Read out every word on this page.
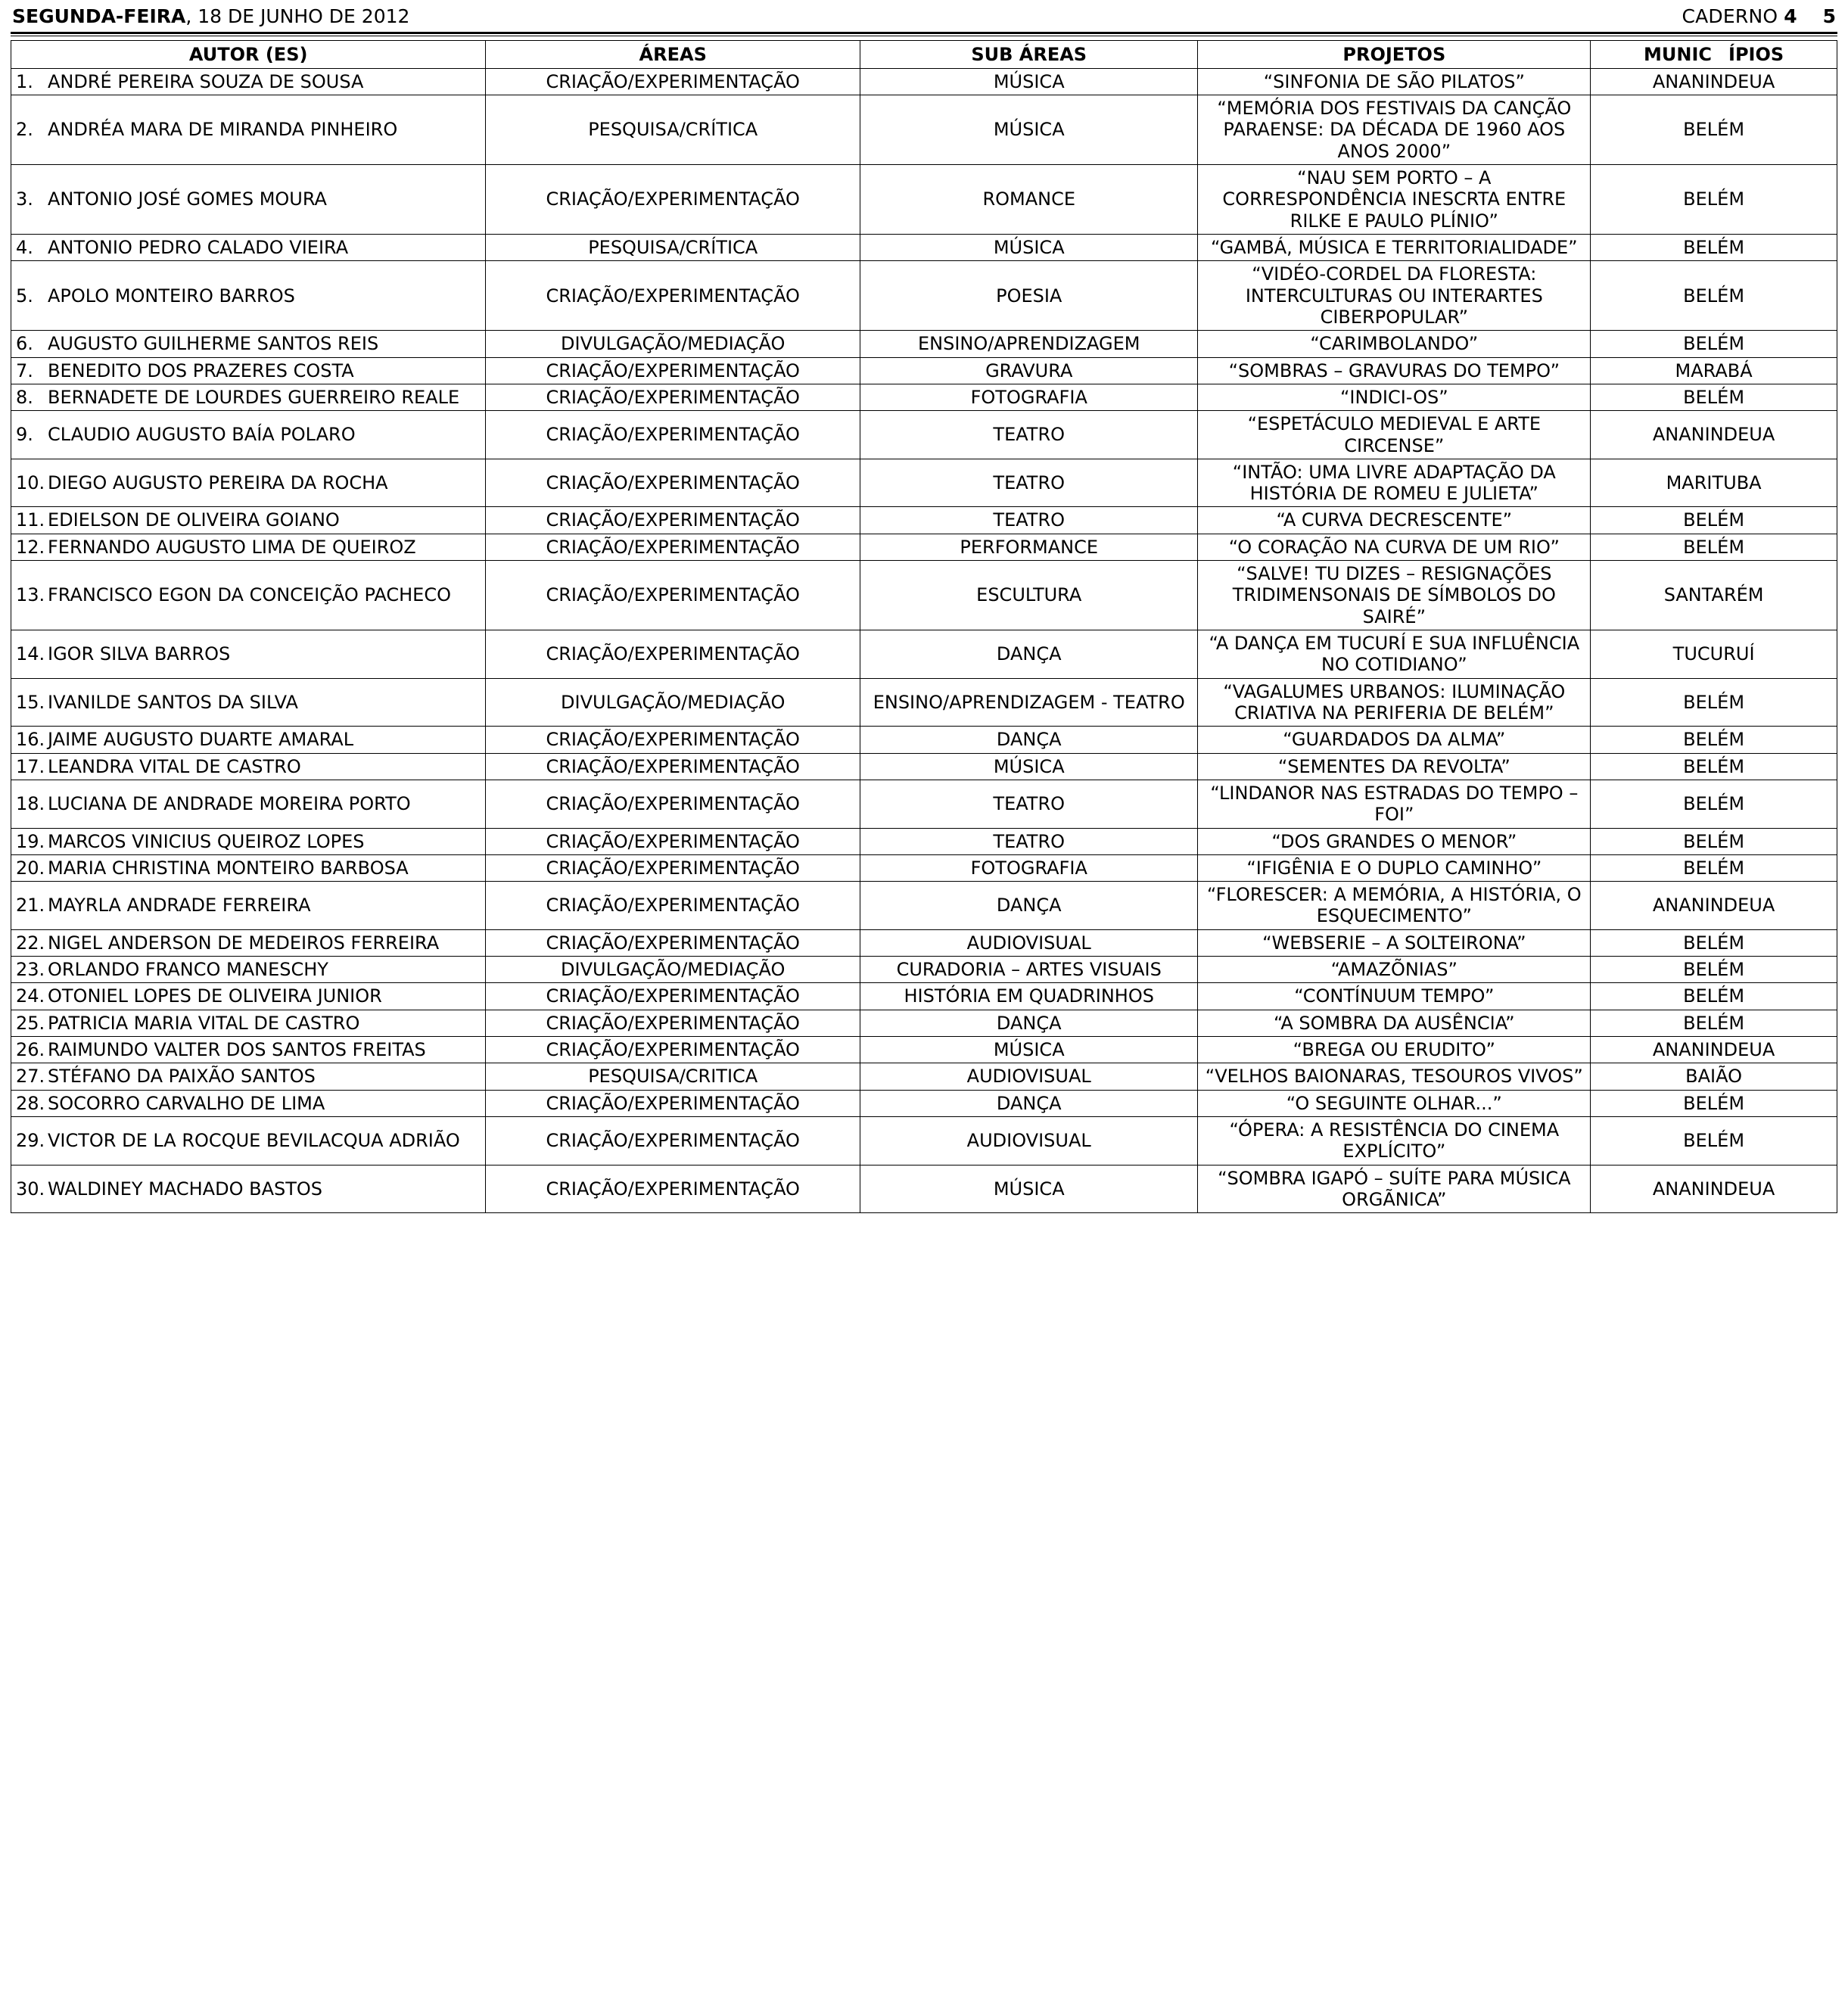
SEGUNDA-FEIRA, 18 DE JUNHO DE 2012	CADERNO 4 5
AUTOR (ES)	ÁREAS	SUB ÁREAS	PROJETOS	MUNIC ÍPIOS
1. ANDRÉ PEREIRA SOUZA DE SOUSA	CRIAÇÃO/EXPERIMENTAÇÃO	MÚSICA	“SINFONIA DE SÃO PILATOS”	ANANINDEUA
2. ANDRÉA MARA DE MIRANDA PINHEIRO	PESQUISA/CRÍTICA	MÚSICA	“MEMÓRIA DOS FESTIVAIS DA CANÇÃO PARAENSE: DA DÉCADA DE 1960 AOS ANOS 2000”	BELÉM
3. ANTONIO JOSÉ GOMES MOURA	CRIAÇÃO/EXPERIMENTAÇÃO	ROMANCE	“NAU SEM PORTO – A CORRESPONDÊNCIA INESCRTA ENTRE RILKE E PAULO PLÍNIO”	BELÉM
4. ANTONIO PEDRO CALADO VIEIRA	PESQUISA/CRÍTICA	MÚSICA	“GAMBÁ, MÚSICA E TERRITORIALIDADE”	BELÉM
5. APOLO MONTEIRO BARROS	CRIAÇÃO/EXPERIMENTAÇÃO	POESIA	“VIDÉO-CORDEL DA FLORESTA: INTERCULTURAS OU INTERARTES CIBERPOPULAR”	BELÉM
6. AUGUSTO GUILHERME SANTOS REIS	DIVULGAÇÃO/MEDIAÇÃO	ENSINO/APRENDIZAGEM	“CARIMBOLANDO”	BELÉM
7. BENEDITO DOS PRAZERES COSTA	CRIAÇÃO/EXPERIMENTAÇÃO	GRAVURA	“SOMBRAS – GRAVURAS DO TEMPO”	MARABÁ
8. BERNADETE DE LOURDES GUERREIRO REALE	CRIAÇÃO/EXPERIMENTAÇÃO	FOTOGRAFIA	“INDICI-OS”	BELÉM
9. CLAUDIO AUGUSTO BAÍA POLARO	CRIAÇÃO/EXPERIMENTAÇÃO	TEATRO	“ESPETÁCULO MEDIEVAL E ARTE CIRCENSE”	ANANINDEUA
10. DIEGO AUGUSTO PEREIRA DA ROCHA	CRIAÇÃO/EXPERIMENTAÇÃO	TEATRO	“INTÃO: UMA LIVRE ADAPTAÇÃO DA HISTÓRIA DE ROMEU E JULIETA”	MARITUBA
11. EDIELSON DE OLIVEIRA GOIANO	CRIAÇÃO/EXPERIMENTAÇÃO	TEATRO	“A CURVA DECRESCENTE”	BELÉM
12. FERNANDO AUGUSTO LIMA DE QUEIROZ	CRIAÇÃO/EXPERIMENTAÇÃO	PERFORMANCE	“O CORAÇÃO NA CURVA DE UM RIO”	BELÉM
13. FRANCISCO EGON DA CONCEIÇÃO PACHECO	CRIAÇÃO/EXPERIMENTAÇÃO	ESCULTURA	“SALVE! TU DIZES – RESIGNAÇÕES TRIDIMENSONAIS DE SÍMBOLOS DO SAIRÉ”	SANTARÉM
14. IGOR SILVA BARROS	CRIAÇÃO/EXPERIMENTAÇÃO	DANÇA	“A DANÇA EM TUCURÍ E SUA INFLUÊNCIA NO COTIDIANO”	TUCURUÍ
15. IVANILDE SANTOS DA SILVA	DIVULGAÇÃO/MEDIAÇÃO	ENSINO/APRENDIZAGEM - TEATRO	“VAGALUMES URBANOS: ILUMINAÇÃO CRIATIVA NA PERIFERIA DE BELÉM”	BELÉM
16. JAIME AUGUSTO DUARTE AMARAL	CRIAÇÃO/EXPERIMENTAÇÃO	DANÇA	“GUARDADOS DA ALMA”	BELÉM
17. LEANDRA VITAL DE CASTRO	CRIAÇÃO/EXPERIMENTAÇÃO	MÚSICA	“SEMENTES DA REVOLTA”	BELÉM
18. LUCIANA DE ANDRADE MOREIRA PORTO	CRIAÇÃO/EXPERIMENTAÇÃO	TEATRO	“LINDANOR NAS ESTRADAS DO TEMPO – FOI”	BELÉM
19. MARCOS VINICIUS QUEIROZ LOPES	CRIAÇÃO/EXPERIMENTAÇÃO	TEATRO	“DOS GRANDES O MENOR”	BELÉM
20. MARIA CHRISTINA MONTEIRO BARBOSA	CRIAÇÃO/EXPERIMENTAÇÃO	FOTOGRAFIA	“IFIGÊNIA E O DUPLO CAMINHO”	BELÉM
21. MAYRLA ANDRADE FERREIRA	CRIAÇÃO/EXPERIMENTAÇÃO	DANÇA	“FLORESCER: A MEMÓRIA, A HISTÓRIA, O ESQUECIMENTO”	ANANINDEUA
22. NIGEL ANDERSON DE MEDEIROS FERREIRA	CRIAÇÃO/EXPERIMENTAÇÃO	AUDIOVISUAL	“WEBSERIE – A SOLTEIRONA”	BELÉM
23. ORLANDO FRANCO MANESCHY	DIVULGAÇÃO/MEDIAÇÃO	CURADORIA – ARTES VISUAIS	“AMAZÕNIAS”	BELÉM
24. OTONIEL LOPES DE OLIVEIRA JUNIOR	CRIAÇÃO/EXPERIMENTAÇÃO	HISTÓRIA EM QUADRINHOS	“CONTÍNUUM TEMPO”	BELÉM
25. PATRICIA MARIA VITAL DE CASTRO	CRIAÇÃO/EXPERIMENTAÇÃO	DANÇA	“A SOMBRA DA AUSÊNCIA”	BELÉM
26. RAIMUNDO VALTER DOS SANTOS FREITAS	CRIAÇÃO/EXPERIMENTAÇÃO	MÚSICA	“BREGA OU ERUDITO”	ANANINDEUA
27. STÉFANO DA PAIXÃO SANTOS	PESQUISA/CRITICA	AUDIOVISUAL	“VELHOS BAIONARAS, TESOUROS VIVOS”	BAIÃO
28. SOCORRO CARVALHO DE LIMA	CRIAÇÃO/EXPERIMENTAÇÃO	DANÇA	“O SEGUINTE OLHAR...”	BELÉM
29. VICTOR DE LA ROCQUE BEVILACQUA ADRIÃO	CRIAÇÃO/EXPERIMENTAÇÃO	AUDIOVISUAL	“ÓPERA: A RESISTÊNCIA DO CINEMA EXPLÍCITO”	BELÉM
30. WALDINEY MACHADO BASTOS	CRIAÇÃO/EXPERIMENTAÇÃO	MÚSICA	“SOMBRA IGAPÓ – SUÍTE PARA MÚSICA ORGÃNICA”	ANANINDEUA
